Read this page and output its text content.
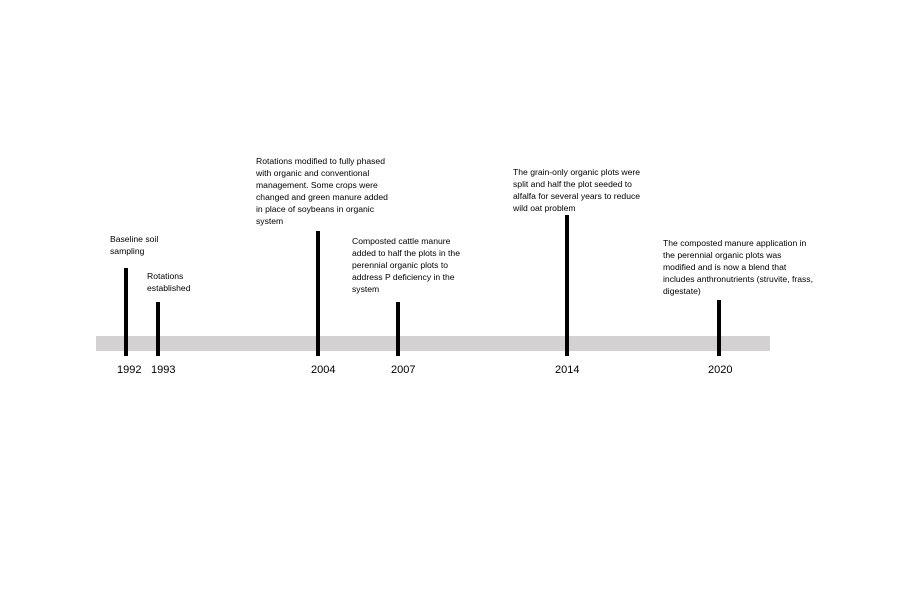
1992
Baseline soil sampling
1993
Rotations established
2004
Rotations modified to fully phased with organic and conventional management. Some crops were changed and green manure added in place of soybeans in organic system
2007
Composted cattle manure added to half the plots in the perennial organic plots to address P deficiency in the system
2014
The grain-only organic plots were split and half the plot seeded to alfalfa for several years to reduce wild oat problem
2020
The composted manure application in the perennial organic plots was modified and is now a blend that includes anthronutrients (struvite, frass, digestate)
